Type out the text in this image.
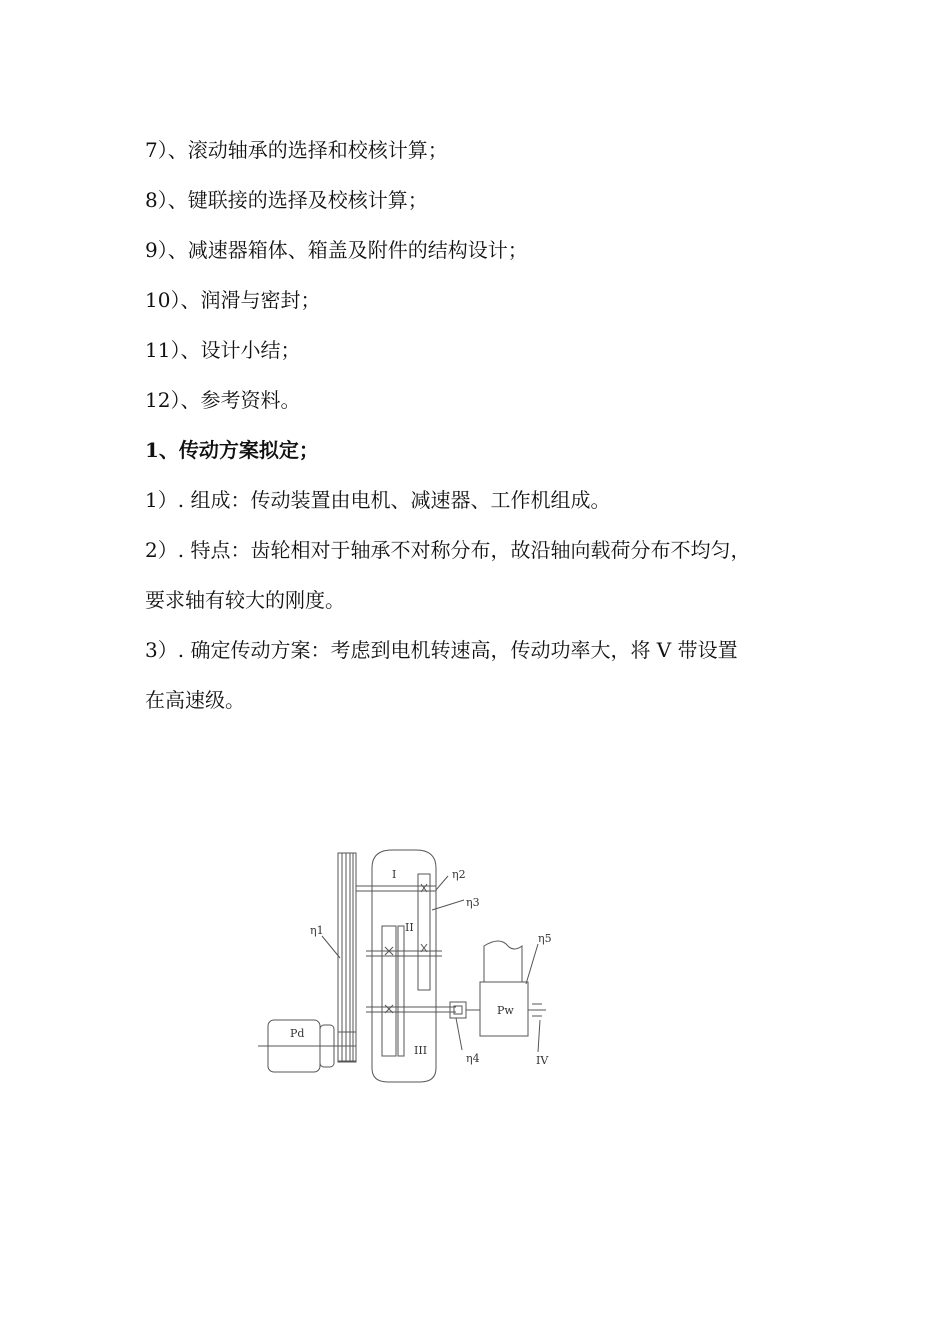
7）、滚动轴承的选择和校核计算；
8）、键联接的选择及校核计算；
9）、减速器箱体、箱盖及附件的结构设计；
10）、润滑与密封；
11）、设计小结；
12）、参考资料。
1、传动方案拟定；
1）. 组成：传动装置由电机、减速器、工作机组成。
2）. 特点：齿轮相对于轴承不对称分布，故沿轴向载荷分布不均匀，
要求轴有较大的刚度。
3）. 确定传动方案：考虑到电机转速高，传动功率大，将 V 带设置
在高速级。
I
II
III
IV
η1
η2
η3
η4
η5
Pd
Pw
